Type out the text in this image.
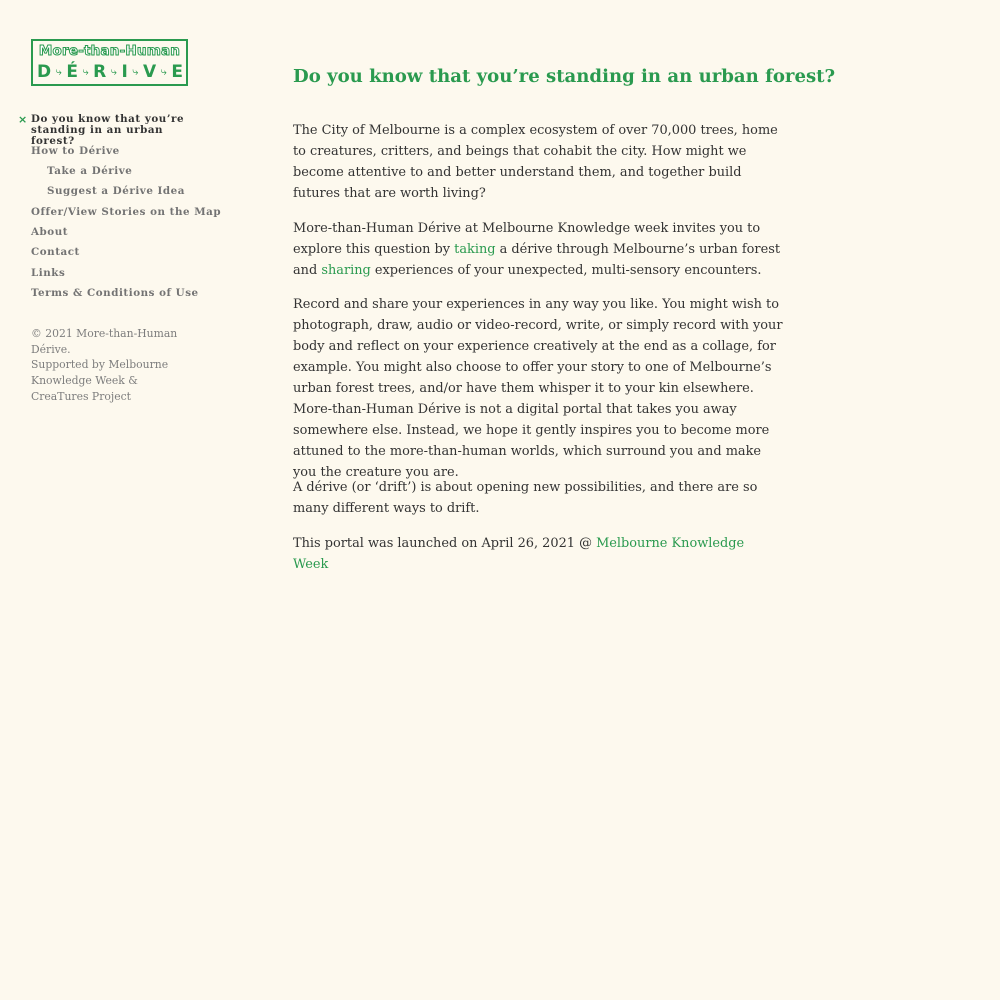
More-than-Human
D ⤷ É ⤷ R ⤷ I ⤷ V ⤷ E
× Do you know that you’re standing in an urban forest?
How to Dérive
Take a Dérive
Suggest a Dérive Idea
Offer/View Stories on the Map
About
Contact
Links
Terms & Conditions of Use

© 2021 More-than-Human Dérive.

Supported by Melbourne Knowledge Week & CreaTures Project

Do you know that you’re standing in an urban forest?

The City of Melbourne is a complex ecosystem of over 70,000 trees, home to creatures, critters, and beings that cohabit the city. How might we become attentive to and better understand them, and together build futures that are worth living?

More-than-Human Dérive at Melbourne Knowledge week invites you to explore this question by taking a dérive through Melbourne’s urban forest and sharing experiences of your unexpected, multi-sensory encounters.

Record and share your experiences in any way you like. You might wish to photograph, draw, audio or video-record, write, or simply record with your body and reflect on your experience creatively at the end as a collage, for example. You might also choose to offer your story to one of Melbourne’s urban forest trees, and/or have them whisper it to your kin elsewhere. More-than-Human Dérive is not a digital portal that takes you away somewhere else. Instead, we hope it gently inspires you to become more attuned to the more-than-human worlds, which surround you and make you the creature you are.

A dérive (or ‘drift’) is about opening new possibilities, and there are so many different ways to drift.

This portal was launched on April 26, 2021 @ Melbourne Knowledge Week
